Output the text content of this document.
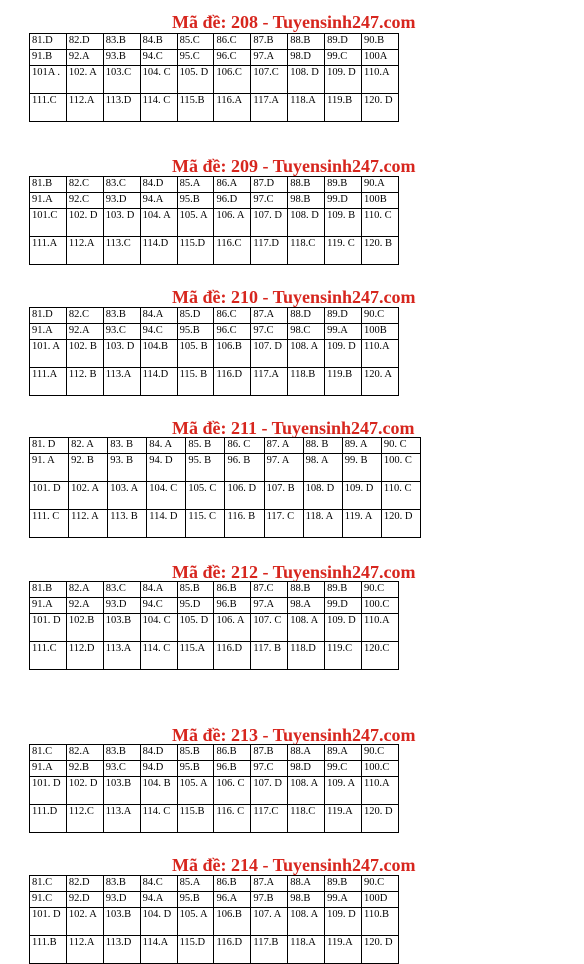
Mã đề: 208 - Tuyensinh247.com
81.D	82.D	83.B	84.B	85.C	86.C	87.B	88.B	89.D	90.B
91.B	92.A	93.B	94.C	95.C	96.C	97.A	98.D	99.C	100A
101A .	102. A	103.C	104. C	105. D	106.C	107.C	108. D	109. D	110.A
111.C	112.A	113.D	114. C	115.B	116.A	117.A	118.A	119.B	120. D
Mã đề: 209 - Tuyensinh247.com
81.B	82.C	83.C	84.D	85.A	86.A	87.D	88.B	89.B	90.A
91.A	92.C	93.D	94.A	95.B	96.D	97.C	98.B	99.D	100B
101.C	102. D	103. D	104. A	105. A	106. A	107. D	108. D	109. B	110. C
111.A	112.A	113.C	114.D	115.D	116.C	117.D	118.C	119. C	120. B
Mã đề: 210 - Tuyensinh247.com
81.D	82.C	83.B	84.A	85.D	86.C	87.A	88.D	89.D	90.C
91.A	92.A	93.C	94.C	95.B	96.C	97.C	98.C	99.A	100B
101. A	102. B	103. D	104.B	105. B	106.B	107. D	108. A	109. D	110.A
111.A	112. B	113.A	114.D	115. B	116.D	117.A	118.B	119.B	120. A
Mã đề: 211 - Tuyensinh247.com
81. D	82. A	83. B	84. A	85. B	86. C	87. A	88. B	89. A	90. C
91. A	92. B	93. B	94. D	95. B	96. B	97. A	98. A	99. B	100. C
101. D	102. A	103. A	104. C	105. C	106. D	107. B	108. D	109. D	110. C
111. C	112. A	113. B	114. D	115. C	116. B	117. C	118. A	119. A	120. D
Mã đề: 212 - Tuyensinh247.com
81.B	82.A	83.C	84.A	85.B	86.B	87.C	88.B	89.B	90.C
91.A	92.A	93.D	94.C	95.D	96.B	97.A	98.A	99.D	100.C
101. D	102.B	103.B	104. C	105. D	106. A	107. C	108. A	109. D	110.A
111.C	112.D	113.A	114. C	115.A	116.D	117. B	118.D	119.C	120.C
Mã đề: 213 - Tuyensinh247.com
81.C	82.A	83.B	84.D	85.B	86.B	87.B	88.A	89.A	90.C
91.A	92.B	93.C	94.D	95.B	96.B	97.C	98.D	99.C	100.C
101. D	102. D	103.B	104. B	105. A	106. C	107. D	108. A	109. A	110.A
111.D	112.C	113.A	114. C	115.B	116. C	117.C	118.C	119.A	120. D
Mã đề: 214 - Tuyensinh247.com
81.C	82.D	83.B	84.C	85.A	86.B	87.A	88.A	89.B	90.C
91.C	92.D	93.D	94.A	95.B	96.A	97.B	98.B	99.A	100D
101. D	102. A	103.B	104. D	105. A	106.B	107. A	108. A	109. D	110.B
111.B	112.A	113.D	114.A	115.D	116.D	117.B	118.A	119.A	120. D
